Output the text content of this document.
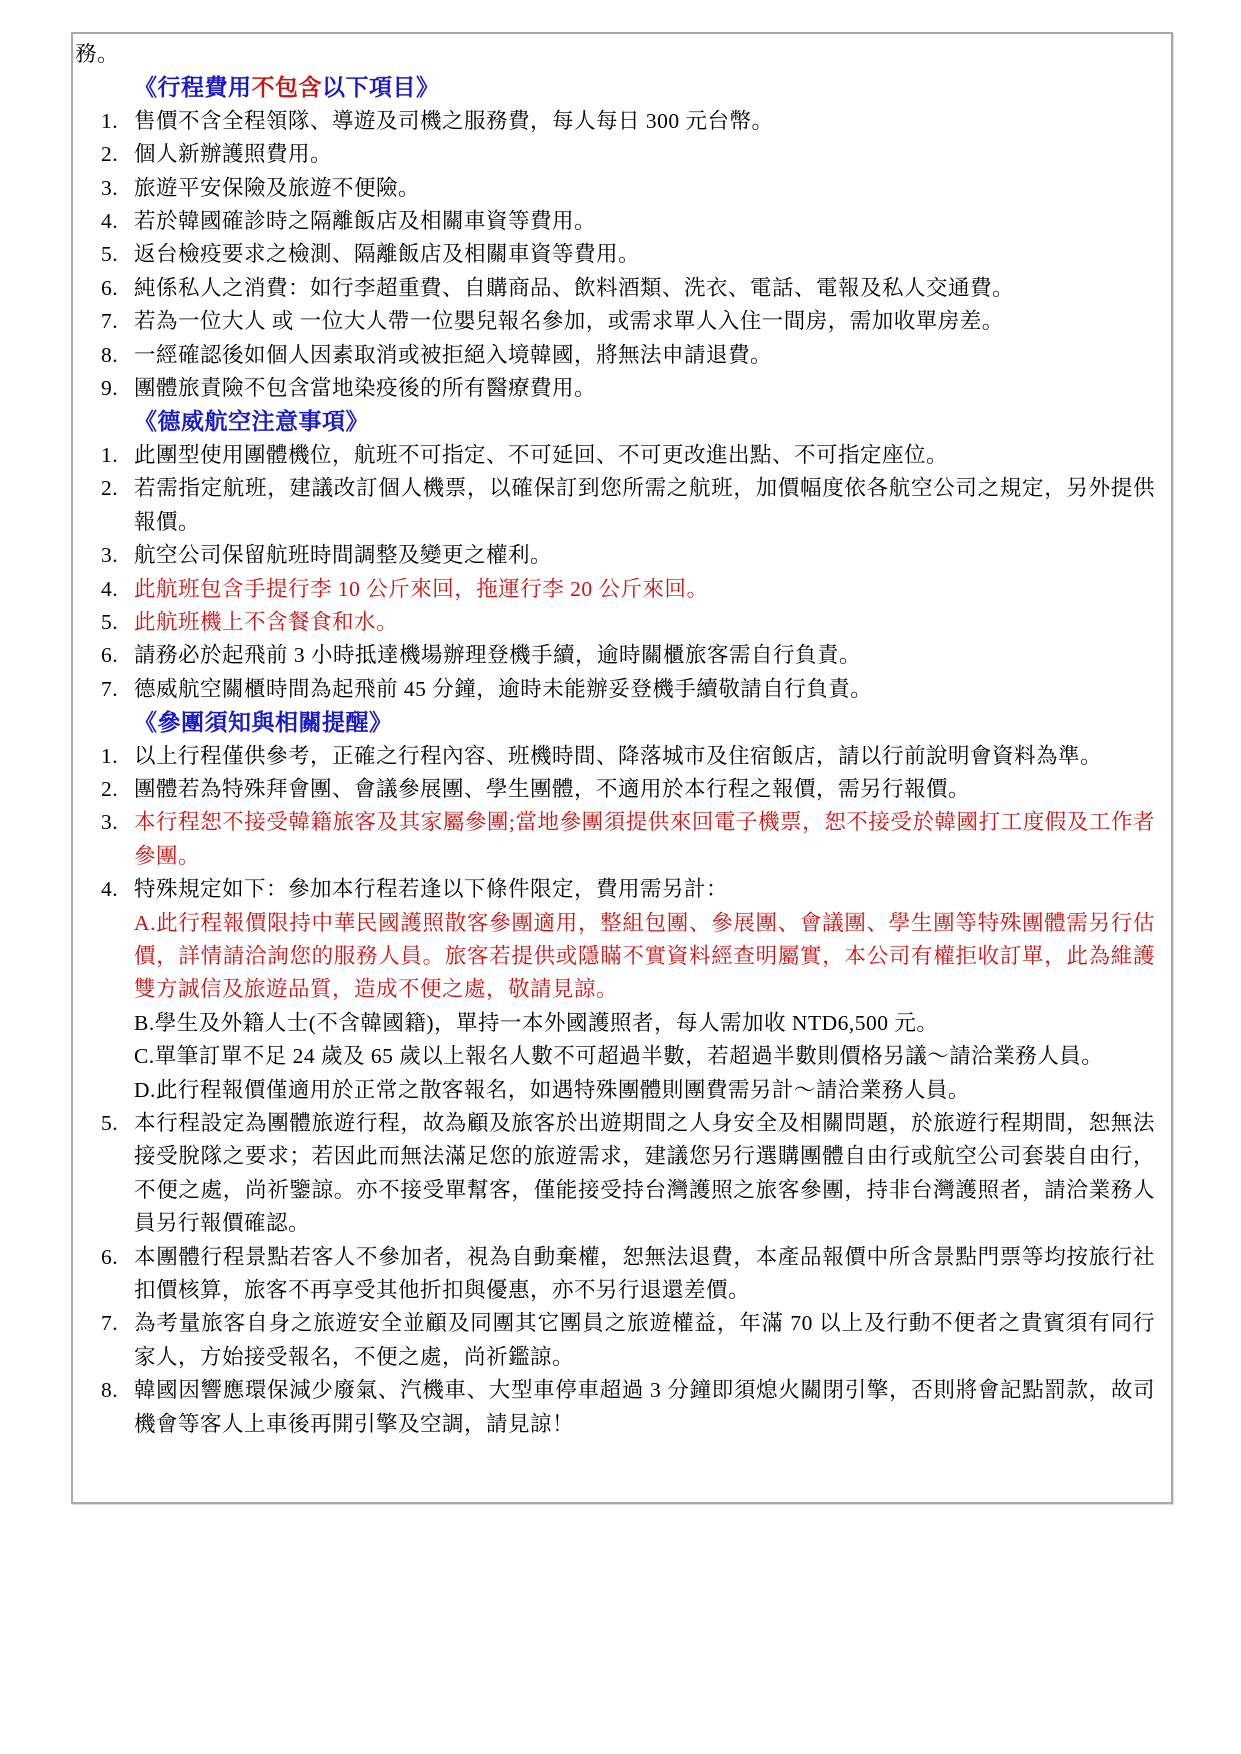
務。
《行程費用不包含以下項目》
1. 售價不含全程領隊、導遊及司機之服務費，每人每日 300 元台幣。
2. 個人新辦護照費用。
3. 旅遊平安保險及旅遊不便險。
4. 若於韓國確診時之隔離飯店及相關車資等費用。
5. 返台檢疫要求之檢測、隔離飯店及相關車資等費用。
6. 純係私人之消費：如行李超重費、自購商品、飲料酒類、洗衣、電話、電報及私人交通費。
7. 若為一位大人 或 一位大人帶一位嬰兒報名參加，或需求單人入住一間房，需加收單房差。
8. 一經確認後如個人因素取消或被拒絕入境韓國，將無法申請退費。
9. 團體旅責險不包含當地染疫後的所有醫療費用。
《德威航空注意事項》
1. 此團型使用團體機位，航班不可指定、不可延回、不可更改進出點、不可指定座位。
2. 若需指定航班，建議改訂個人機票，以確保訂到您所需之航班，加價幅度依各航空公司之規定，另外提供報價。
3. 航空公司保留航班時間調整及變更之權利。
4. 此航班包含手提行李 10 公斤來回，拖運行李 20 公斤來回。
5. 此航班機上不含餐食和水。
6. 請務必於起飛前 3 小時抵達機場辦理登機手續，逾時關櫃旅客需自行負責。
7. 德威航空關櫃時間為起飛前 45 分鐘，逾時未能辦妥登機手續敬請自行負責。
《參團須知與相關提醒》
1. 以上行程僅供參考，正確之行程內容、班機時間、降落城市及住宿飯店，請以行前說明會資料為準。
2. 團體若為特殊拜會團、會議參展團、學生團體，不適用於本行程之報價，需另行報價。
3. 本行程恕不接受韓籍旅客及其家屬參團;當地參團須提供來回電子機票，恕不接受於韓國打工度假及工作者參團。
4. 特殊規定如下：參加本行程若逢以下條件限定，費用需另計：
A.此行程報價限持中華民國護照散客參團適用，整組包團、參展團、會議團、學生團等特殊團體需另行估價，詳情請洽詢您的服務人員。旅客若提供或隱瞞不實資料經查明屬實，本公司有權拒收訂單，此為維護雙方誠信及旅遊品質，造成不便之處，敬請見諒。
B.學生及外籍人士(不含韓國籍)，單持一本外國護照者，每人需加收 NTD6,500 元。
C.單筆訂單不足 24 歲及 65 歲以上報名人數不可超過半數，若超過半數則價格另議～請洽業務人員。
D.此行程報價僅適用於正常之散客報名，如遇特殊團體則團費需另計～請洽業務人員。
5. 本行程設定為團體旅遊行程，故為顧及旅客於出遊期間之人身安全及相關問題，於旅遊行程期間，恕無法接受脫隊之要求；若因此而無法滿足您的旅遊需求，建議您另行選購團體自由行或航空公司套裝自由行，不便之處，尚祈鑒諒。亦不接受單幫客，僅能接受持台灣護照之旅客參團，持非台灣護照者，請洽業務人員另行報價確認。
6. 本團體行程景點若客人不參加者，視為自動棄權，恕無法退費，本產品報價中所含景點門票等均按旅行社扣價核算，旅客不再享受其他折扣與優惠，亦不另行退還差價。
7. 為考量旅客自身之旅遊安全並顧及同團其它團員之旅遊權益，年滿 70 以上及行動不便者之貴賓須有同行家人，方始接受報名，不便之處，尚祈鑑諒。
8. 韓國因響應環保減少廢氣、汽機車、大型車停車超過 3 分鐘即須熄火關閉引擎，否則將會記點罰款，故司機會等客人上車後再開引擎及空調，請見諒！
